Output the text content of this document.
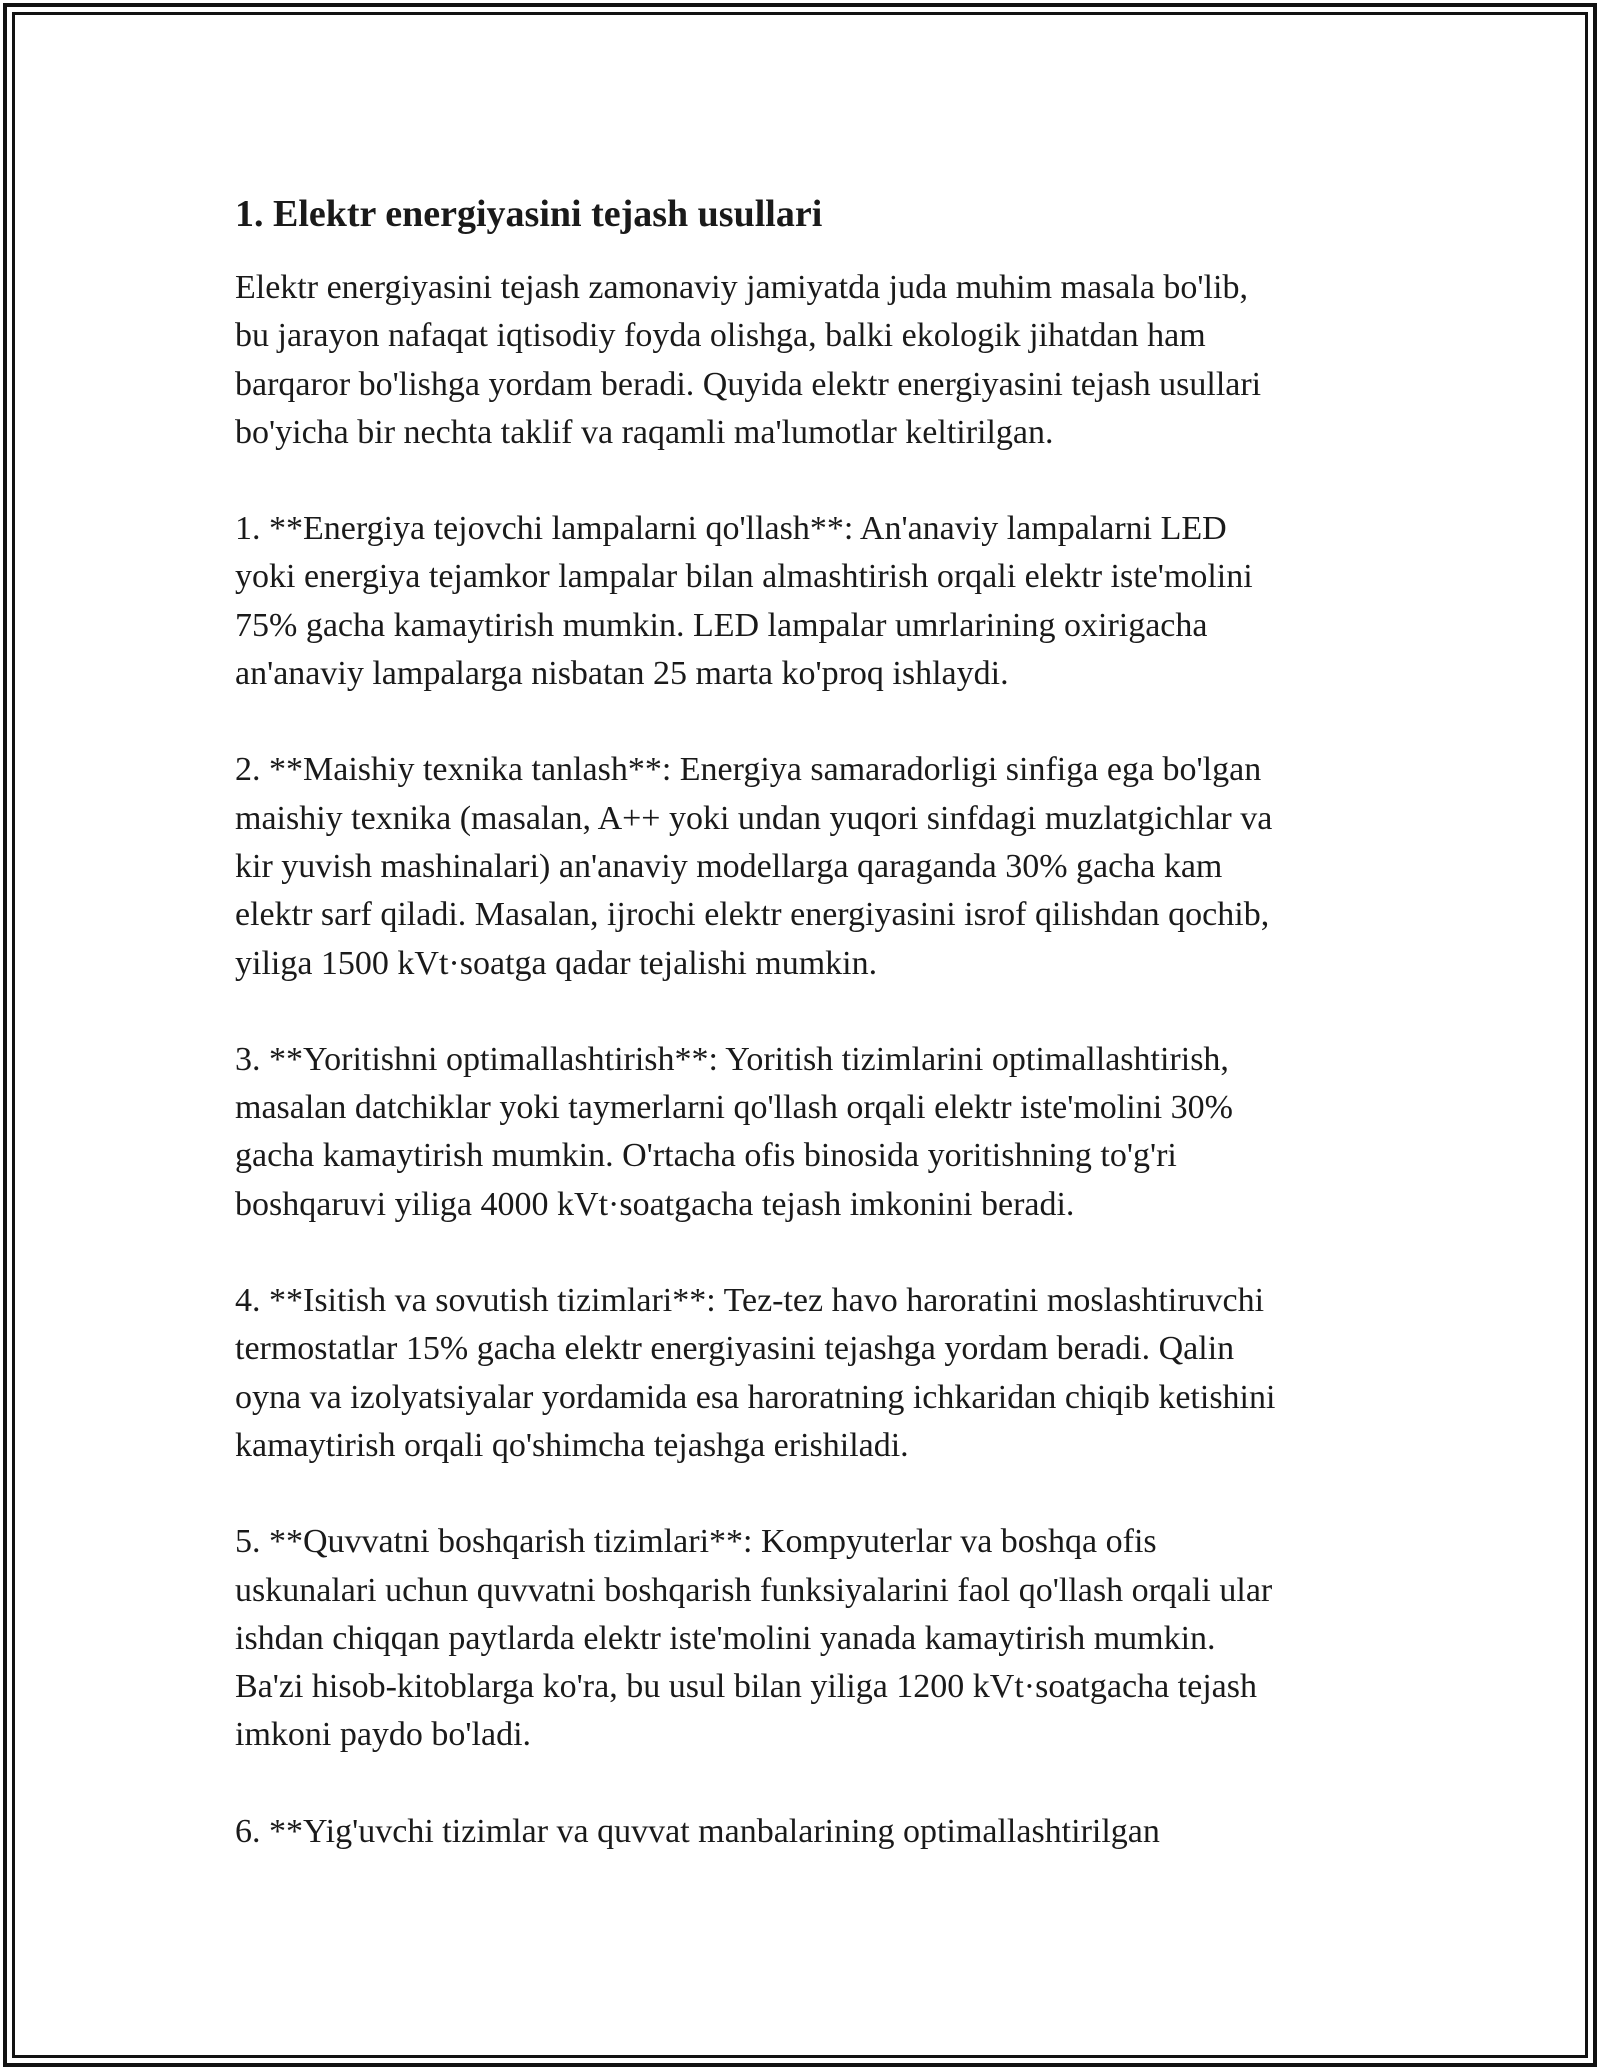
1. Elektr energiyasini tejash usullari

Elektr energiyasini tejash zamonaviy jamiyatda juda muhim masala bo'lib,
bu jarayon nafaqat iqtisodiy foyda olishga, balki ekologik jihatdan ham
barqaror bo'lishga yordam beradi. Quyida elektr energiyasini tejash usullari
bo'yicha bir nechta taklif va raqamli ma'lumotlar keltirilgan.

1. **Energiya tejovchi lampalarni qo'llash**: An'anaviy lampalarni LED
yoki energiya tejamkor lampalar bilan almashtirish orqali elektr iste'molini
75% gacha kamaytirish mumkin. LED lampalar umrlarining oxirigacha
an'anaviy lampalarga nisbatan 25 marta ko'proq ishlaydi.

2. **Maishiy texnika tanlash**: Energiya samaradorligi sinfiga ega bo'lgan
maishiy texnika (masalan, A++ yoki undan yuqori sinfdagi muzlatgichlar va
kir yuvish mashinalari) an'anaviy modellarga qaraganda 30% gacha kam
elektr sarf qiladi. Masalan, ijrochi elektr energiyasini isrof qilishdan qochib,
yiliga 1500 kVt·soatga qadar tejalishi mumkin.

3. **Yoritishni optimallashtirish**: Yoritish tizimlarini optimallashtirish,
masalan datchiklar yoki taymerlarni qo'llash orqali elektr iste'molini 30%
gacha kamaytirish mumkin. O'rtacha ofis binosida yoritishning to'g'ri
boshqaruvi yiliga 4000 kVt·soatgacha tejash imkonini beradi.

4. **Isitish va sovutish tizimlari**: Tez-tez havo haroratini moslashtiruvchi
termostatlar 15% gacha elektr energiyasini tejashga yordam beradi. Qalin
oyna va izolyatsiyalar yordamida esa haroratning ichkaridan chiqib ketishini
kamaytirish orqali qo'shimcha tejashga erishiladi.

5. **Quvvatni boshqarish tizimlari**: Kompyuterlar va boshqa ofis
uskunalari uchun quvvatni boshqarish funksiyalarini faol qo'llash orqali ular
ishdan chiqqan paytlarda elektr iste'molini yanada kamaytirish mumkin.
Ba'zi hisob-kitoblarga ko'ra, bu usul bilan yiliga 1200 kVt·soatgacha tejash
imkoni paydo bo'ladi.

6. **Yig'uvchi tizimlar va quvvat manbalarining optimallashtirilgan
